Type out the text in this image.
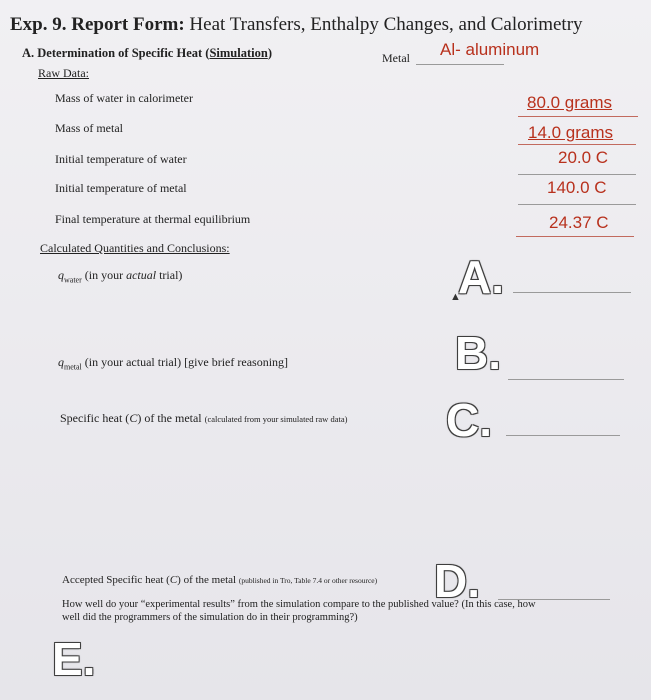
Exp. 9. Report Form: Heat Transfers, Enthalpy Changes, and Calorimetry
A. Determination of Specific Heat (Simulation)	Metal Al- aluminum
Raw Data:
Mass of water in calorimeter	80.0 grams
Mass of metal	14.0 grams
Initial temperature of water	20.0 C
Initial temperature of metal	140.0 C
Final temperature at thermal equilibrium	24.37 C
Calculated Quantities and Conclusions:
$q_{water}$ (in your actual trial)	A.
▲
$q_{metal}$ (in your actual trial) [give brief reasoning]	B.
Specific heat (C) of the metal (calculated from your simulated raw data) C.
Accepted Specific heat (C) of the metal (published in Tro, Table 7.4 or other resource) D.
How well do your “experimental results” from the simulation compare to the published value? (In this case, how
well did the programmers of the simulation do in their programming?)
E.
